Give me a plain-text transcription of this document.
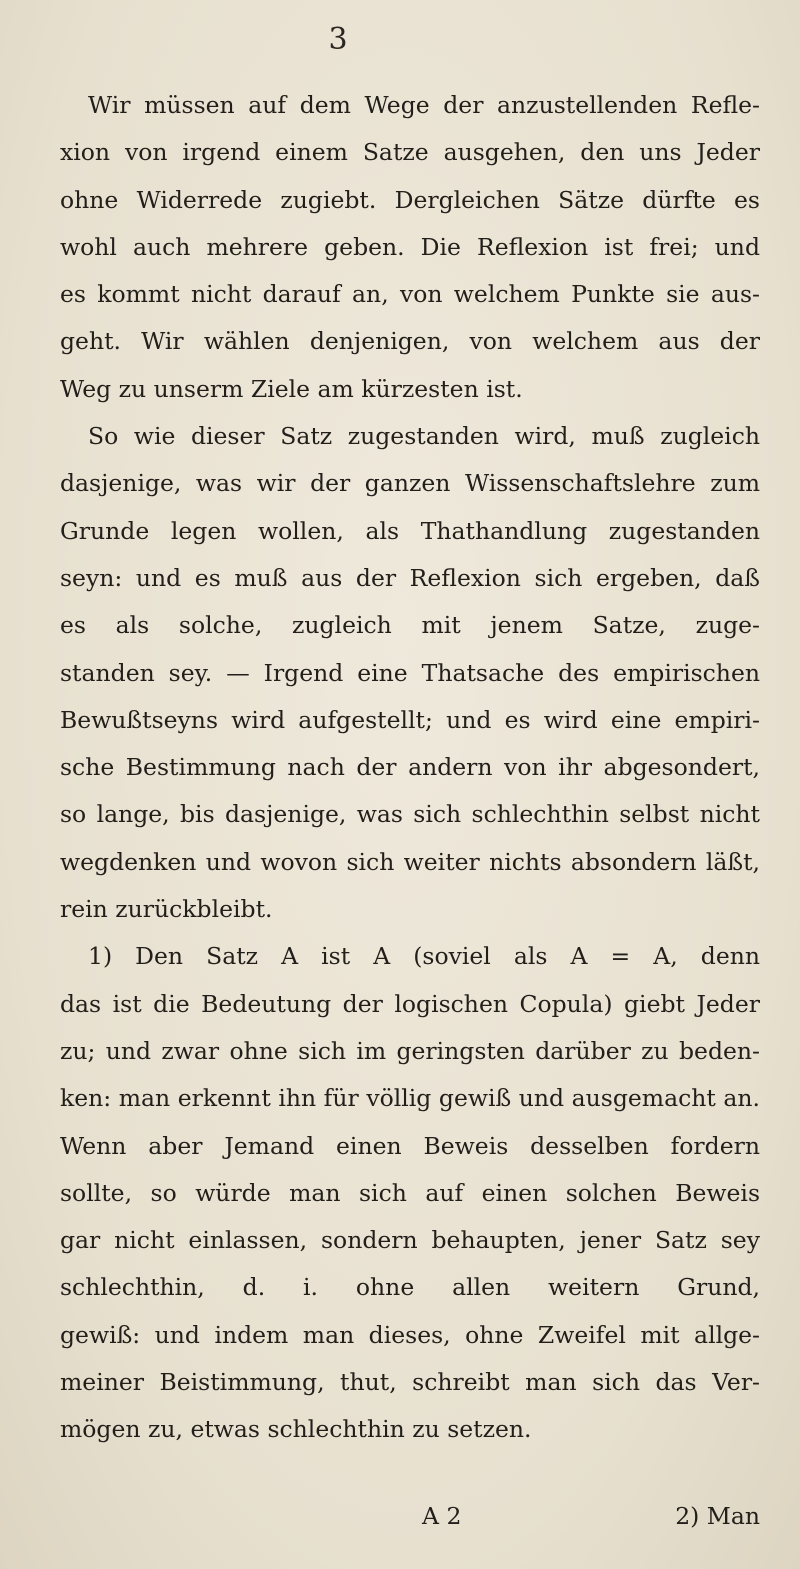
3
Wir müssen auf dem Wege der anzustellenden Refle-
xion von irgend einem Satze ausgehen, den uns Jeder
ohne Widerrede zugiebt. Dergleichen Sätze dürfte es
wohl auch mehrere geben. Die Reflexion ist frei; und
es kommt nicht darauf an, von welchem Punkte sie aus-
geht. Wir wählen denjenigen, von welchem aus der
Weg zu unserm Ziele am kürzesten ist.
So wie dieser Satz zugestanden wird, muß zugleich
dasjenige, was wir der ganzen Wissenschaftslehre zum
Grunde legen wollen, als Thathandlung zugestanden
seyn: und es muß aus der Reflexion sich ergeben, daß
es als solche, zugleich mit jenem Satze, zuge-
standen sey. — Irgend eine Thatsache des empirischen
Bewußtseyns wird aufgestellt; und es wird eine empiri-
sche Bestimmung nach der andern von ihr abgesondert,
so lange, bis dasjenige, was sich schlechthin selbst nicht
wegdenken und wovon sich weiter nichts absondern läßt,
rein zurückbleibt.
1) Den Satz A ist A (soviel als A = A, denn
das ist die Bedeutung der logischen Copula) giebt Jeder
zu; und zwar ohne sich im geringsten darüber zu beden-
ken: man erkennt ihn für völlig gewiß und ausgemacht an.
Wenn aber Jemand einen Beweis desselben fordern
sollte, so würde man sich auf einen solchen Beweis
gar nicht einlassen, sondern behaupten, jener Satz sey
schlechthin, d. i. ohne allen weitern Grund,
gewiß: und indem man dieses, ohne Zweifel mit allge-
meiner Beistimmung, thut, schreibt man sich das Ver-
mögen zu, etwas schlechthin zu setzen.
A 2	2) Man
